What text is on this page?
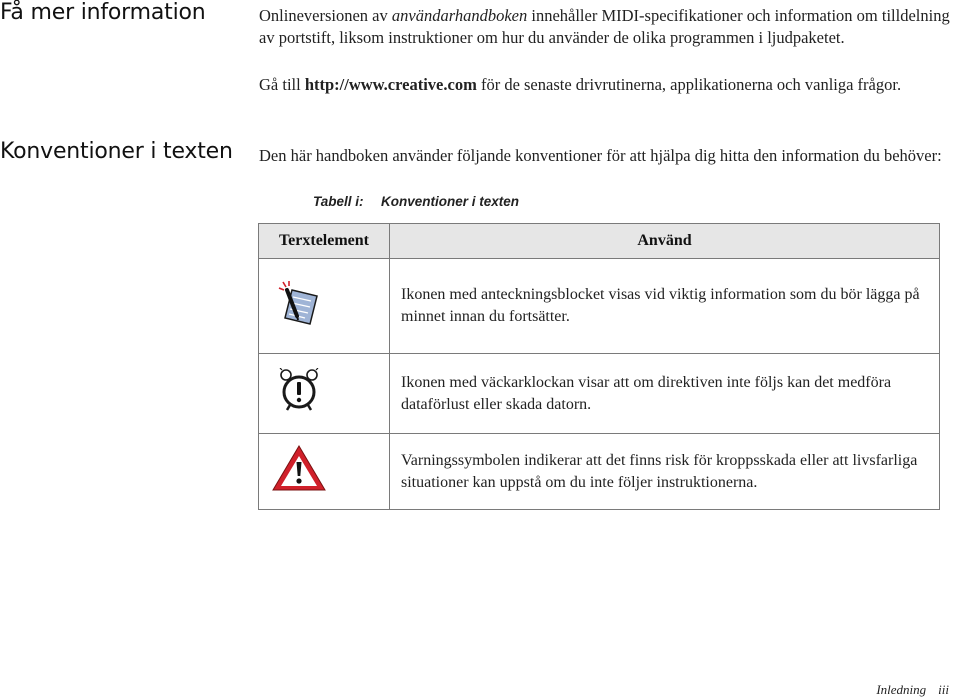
Få mer information	Onlineversionen av användarhandboken innehåller MIDI-specifikationer och information om tilldelning av portstift, liksom instruktioner om hur du använder de olika programmen i ljudpaketet.
Gå till http://www.creative.com för de senaste drivrutinerna, applikationerna och vanliga frågor.
Konventioner i texten Den här handboken använder följande konventioner för att hjälpa dig hitta den information du behöver:
Tabell i: Konventioner i texten
Terxtelement	Använd
	Ikonen med anteckningsblocket visas vid viktig information som du bör lägga på minnet innan du fortsätter.
	Ikonen med väckarklockan visar att om direktiven inte följs kan det medföra dataförlust eller skada datorn.
	Varningssymbolen indikerar att det finns risk för kroppsskada eller att livsfarliga situationer kan uppstå om du inte följer instruktionerna.
Inledning iii
